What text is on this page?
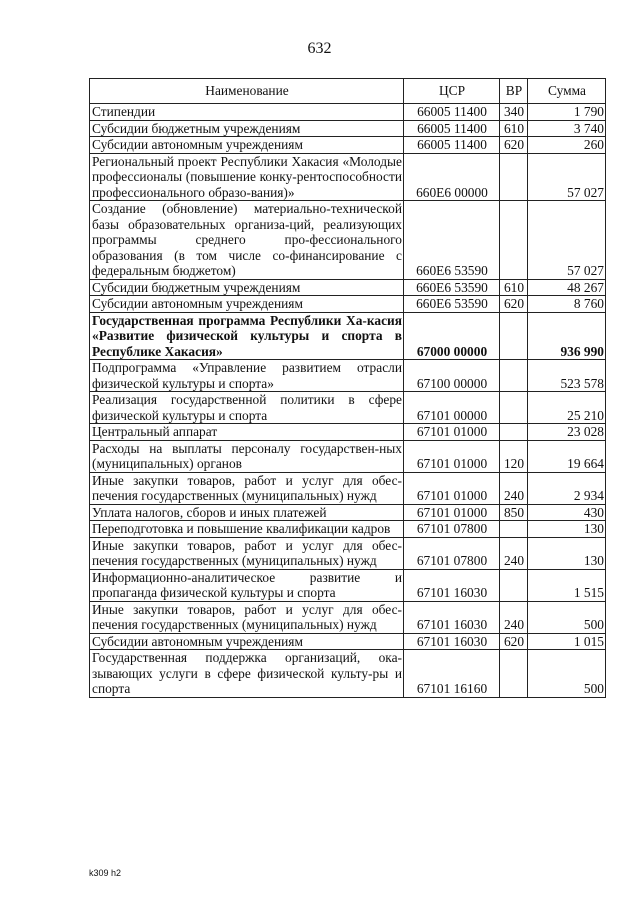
632
Наименование	ЦСР	ВР	Сумма
Стипендии	66005 11400	340	1 790
Субсидии бюджетным учреждениям	66005 11400	610	3 740
Субсидии автономным учреждениям	66005 11400	620	260
Региональный проект Республики Хакасия «Молодые профессионалы (повышение конку-рентоспособности профессионального образо-вания)»	660Е6 00000		57 027
Создание (обновление) материально-технической базы образовательных организа-ций, реализующих программы среднего про-фессионального образования (в том числе со-финансирование с федеральным бюджетом)	660Е6 53590		57 027
Субсидии бюджетным учреждениям	660Е6 53590	610	48 267
Субсидии автономным учреждениям	660Е6 53590	620	8 760
Государственная программа Республики Ха-касия «Развитие физической культуры и спорта в Республике Хакасия»	67000 00000		936 990
Подпрограмма «Управление развитием отрасли физической культуры и спорта»	67100 00000		523 578
Реализация государственной политики в сфере физической культуры и спорта	67101 00000		25 210
Центральный аппарат	67101 01000		23 028
Расходы на выплаты персоналу государствен-ных (муниципальных) органов	67101 01000	120	19 664
Иные закупки товаров, работ и услуг для обес-печения государственных (муниципальных) нужд	67101 01000	240	2 934
Уплата налогов, сборов и иных платежей	67101 01000	850	430
Переподготовка и повышение квалификации кадров	67101 07800		130
Иные закупки товаров, работ и услуг для обес-печения государственных (муниципальных) нужд	67101 07800	240	130
Информационно-аналитическое развитие и пропаганда физической культуры и спорта	67101 16030		1 515
Иные закупки товаров, работ и услуг для обес-печения государственных (муниципальных) нужд	67101 16030	240	500
Субсидии автономным учреждениям	67101 16030	620	1 015
Государственная поддержка организаций, ока-зывающих услуги в сфере физической культу-ры и спорта	67101 16160		500
k309 h2
